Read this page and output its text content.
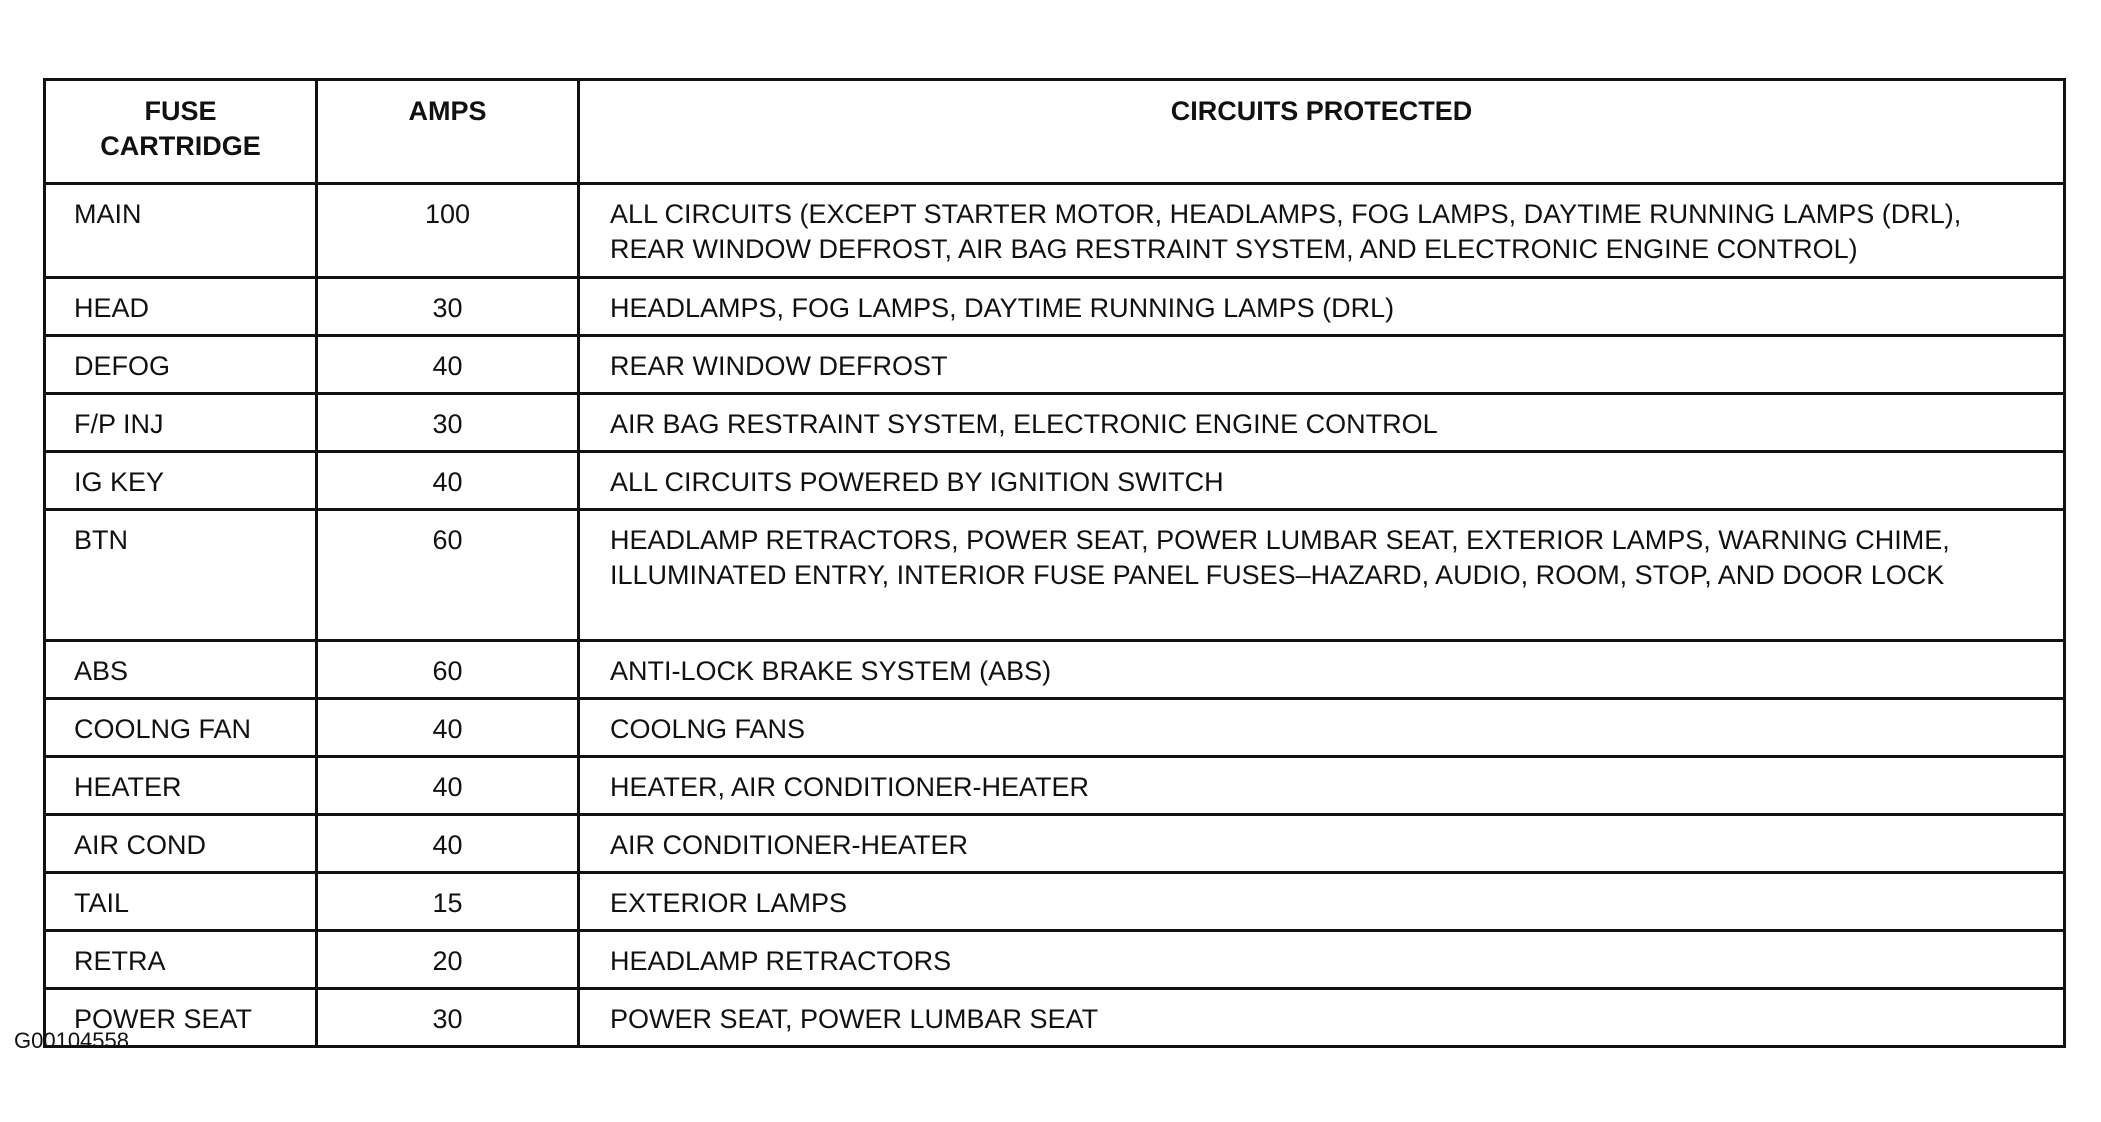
FUSE CARTRIDGE	AMPS	CIRCUITS PROTECTED
MAIN	100	ALL CIRCUITS (EXCEPT STARTER MOTOR, HEADLAMPS, FOG LAMPS, DAYTIME RUNNING LAMPS (DRL), REAR WINDOW DEFROST, AIR BAG RESTRAINT SYSTEM, AND ELECTRONIC ENGINE CONTROL)
HEAD	30	HEADLAMPS, FOG LAMPS, DAYTIME RUNNING LAMPS (DRL)
DEFOG	40	REAR WINDOW DEFROST
F/P INJ	30	AIR BAG RESTRAINT SYSTEM, ELECTRONIC ENGINE CONTROL
IG KEY	40	ALL CIRCUITS POWERED BY IGNITION SWITCH
BTN	60	HEADLAMP RETRACTORS, POWER SEAT, POWER LUMBAR SEAT, EXTERIOR LAMPS, WARNING CHIME, ILLUMINATED ENTRY, INTERIOR FUSE PANEL FUSES–HAZARD, AUDIO, ROOM, STOP, AND DOOR LOCK
ABS	60	ANTI-LOCK BRAKE SYSTEM (ABS)
COOLNG FAN	40	COOLNG FANS
HEATER	40	HEATER, AIR CONDITIONER-HEATER
AIR COND	40	AIR CONDITIONER-HEATER
TAIL	15	EXTERIOR LAMPS
RETRA	20	HEADLAMP RETRACTORS
POWER SEAT	30	POWER SEAT, POWER LUMBAR SEAT
G00104558
